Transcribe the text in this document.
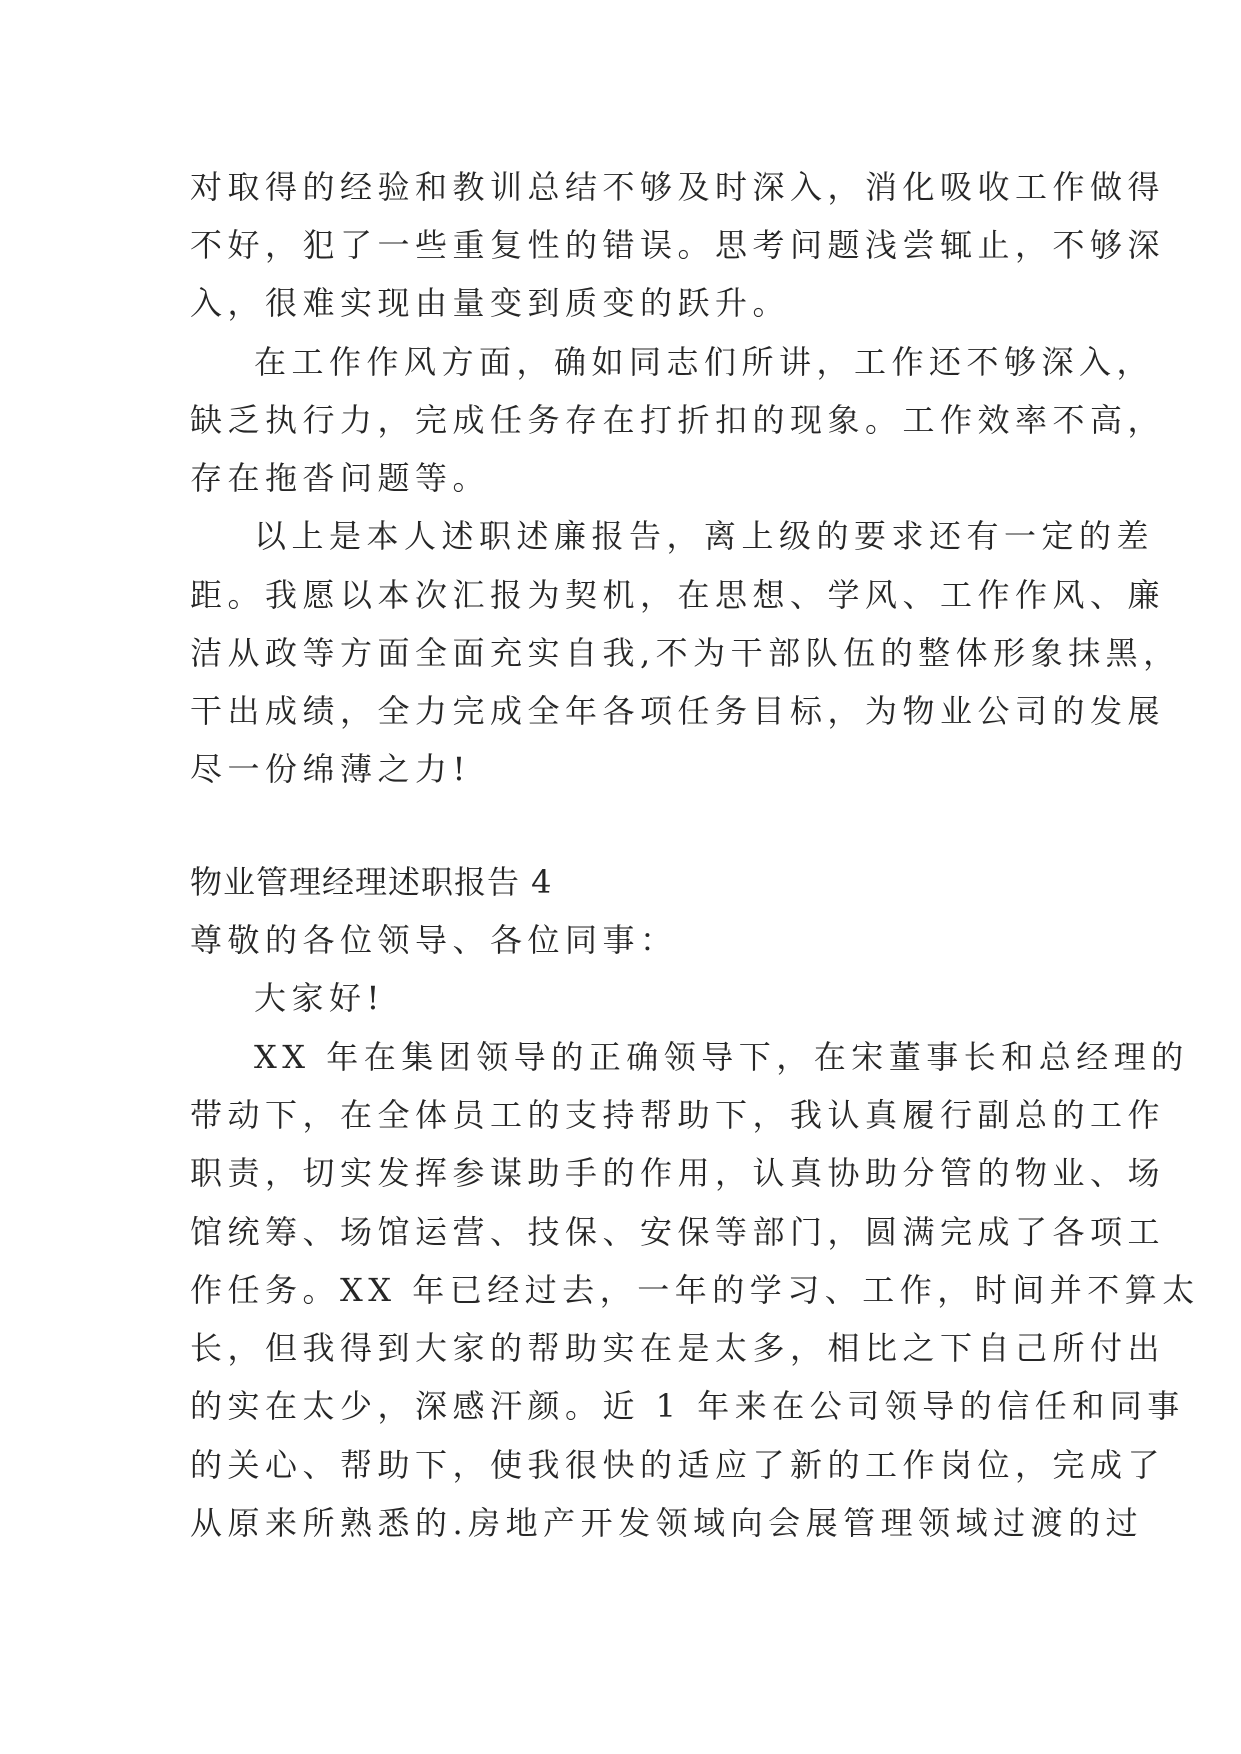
对取得的经验和教训总结不够及时深入，消化吸收工作做得
不好，犯了一些重复性的错误。思考问题浅尝辄止，不够深
入，很难实现由量变到质变的跃升。
在工作作风方面，确如同志们所讲，工作还不够深入，
缺乏执行力，完成任务存在打折扣的现象。工作效率不高，
存在拖沓问题等。
以上是本人述职述廉报告，离上级的要求还有一定的差
距。我愿以本次汇报为契机，在思想、学风、工作作风、廉
洁从政等方面全面充实自我,不为干部队伍的整体形象抹黑，
干出成绩，全力完成全年各项任务目标，为物业公司的发展
尽一份绵薄之力!
物业管理经理述职报告 4
尊敬的各位领导、各位同事：
大家好!
XX 年在集团领导的正确领导下，在宋董事长和总经理的
带动下，在全体员工的支持帮助下，我认真履行副总的工作
职责，切实发挥参谋助手的作用，认真协助分管的物业、场
馆统筹、场馆运营、技保、安保等部门，圆满完成了各项工
作任务。XX 年已经过去，一年的学习、工作，时间并不算太
长，但我得到大家的帮助实在是太多，相比之下自己所付出
的实在太少，深感汗颜。近 1 年来在公司领导的信任和同事
的关心、帮助下，使我很快的适应了新的工作岗位，完成了
从原来所熟悉的.房地产开发领域向会展管理领域过渡的过
